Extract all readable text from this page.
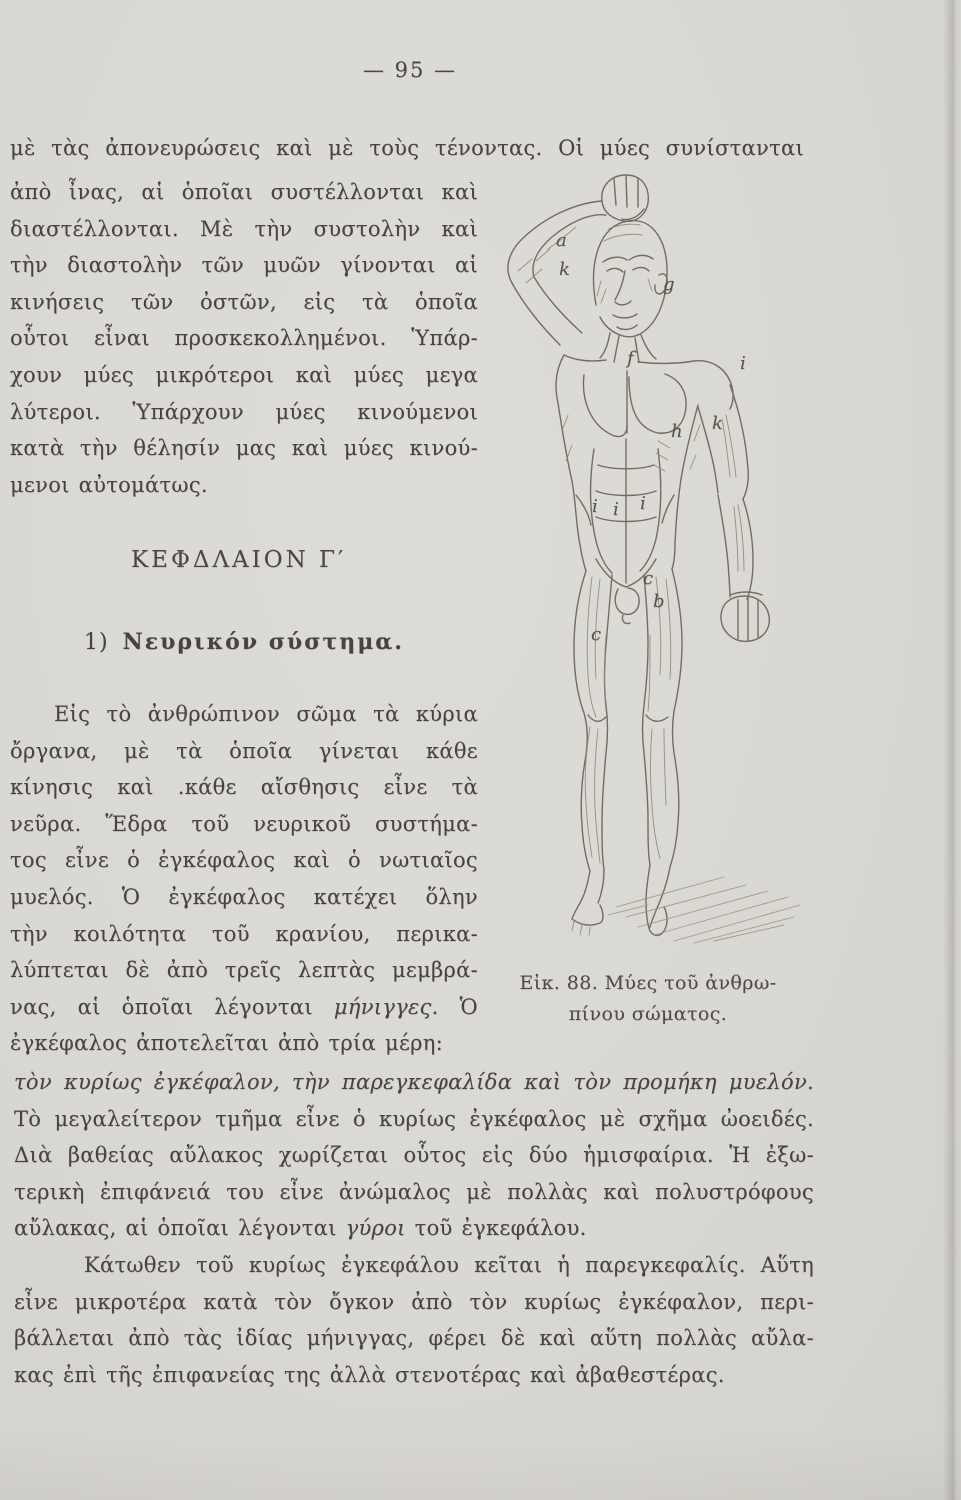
— 95 —
μὲ τὰς ἀπονευρώσεις καὶ μὲ τοὺς τένοντας. Οἱ μύες συνίστανται
ἀπὸ ἶνας, αἱ ὁποῖαι συστέλλονται καὶ
διαστέλλονται. Μὲ τὴν συστολὴν καὶ
τὴν διαστολὴν τῶν μυῶν γίνονται αἱ
κινήσεις τῶν ὀστῶν, εἰς τὰ ὁποῖα
οὗτοι εἶναι προσκεκολλημένοι. Ὑπάρ-
χουν μύες μικρότεροι καὶ μύες μεγα
λύτεροι. Ὑπάρχουν μύες κινούμενοι
κατὰ τὴν θέλησίν μας καὶ μύες κινού-
μενοι αὐτομάτως.
ΚΕΦΔΛΑΙΟΝ Γ′
1) Νευρικόν σύστημα.
Εἰς τὸ ἀνθρώπινον σῶμα τὰ κύρια
ὄργανα, μὲ τὰ ὁποῖα γίνεται κάθε
κίνησις καὶ .κάθε αἴσθησις εἶνε τὰ
νεῦρα. Ἕδρα τοῦ νευρικοῦ συστήμα-
τος εἶνε ὁ ἐγκέφαλος καὶ ὁ νωτιαῖος
μυελός. Ὁ ἐγκέφαλος κατέχει ὅλην
τὴν κοιλότητα τοῦ κρανίου, περικα-
λύπτεται δὲ ἀπὸ τρεῖς λεπτὰς μεμβρά-
νας, αἱ ὁποῖαι λέγονται μήνιγγες. Ὁ
ἐγκέφαλος ἀποτελεῖται ἀπὸ τρία μέρη:
Εἰκ. 88. Μύες τοῦ ἀνθρω-
πίνου σώματος.
τὸν κυρίως ἐγκέφαλον, τὴν παρεγκεφαλίδα καὶ τὸν προμήκη μυελόν.
Τὸ μεγαλείτερον τμῆμα εἶνε ὁ κυρίως ἐγκέφαλος μὲ σχῆμα ὠοειδές.
Διὰ βαθείας αὔλακος χωρίζεται οὗτος εἰς δύο ἡμισφαίρια. Ἡ ἐξω-
τερικὴ ἐπιφάνειά του εἶνε ἀνώμαλος μὲ πολλὰς καὶ πολυστρόφους
αὔλακας, αἱ ὁποῖαι λέγονται γύροι τοῦ ἐγκεφάλου.
Κάτωθεν τοῦ κυρίως ἐγκεφάλου κεῖται ἡ παρεγκεφαλίς. Αὕτη
εἶνε μικροτέρα κατὰ τὸν ὄγκον ἀπὸ τὸν κυρίως ἐγκέφαλον, περι-
βάλλεται ἀπὸ τὰς ἰδίας μήνιγγας, φέρει δὲ καὶ αὕτη πολλὰς αὔλα-
κας ἐπὶ τῆς ἐπιφανείας της ἀλλὰ στενοτέρας καὶ ἀβαθεστέρας.
a
k
g
f	i
h k
i i i
c
b
c
